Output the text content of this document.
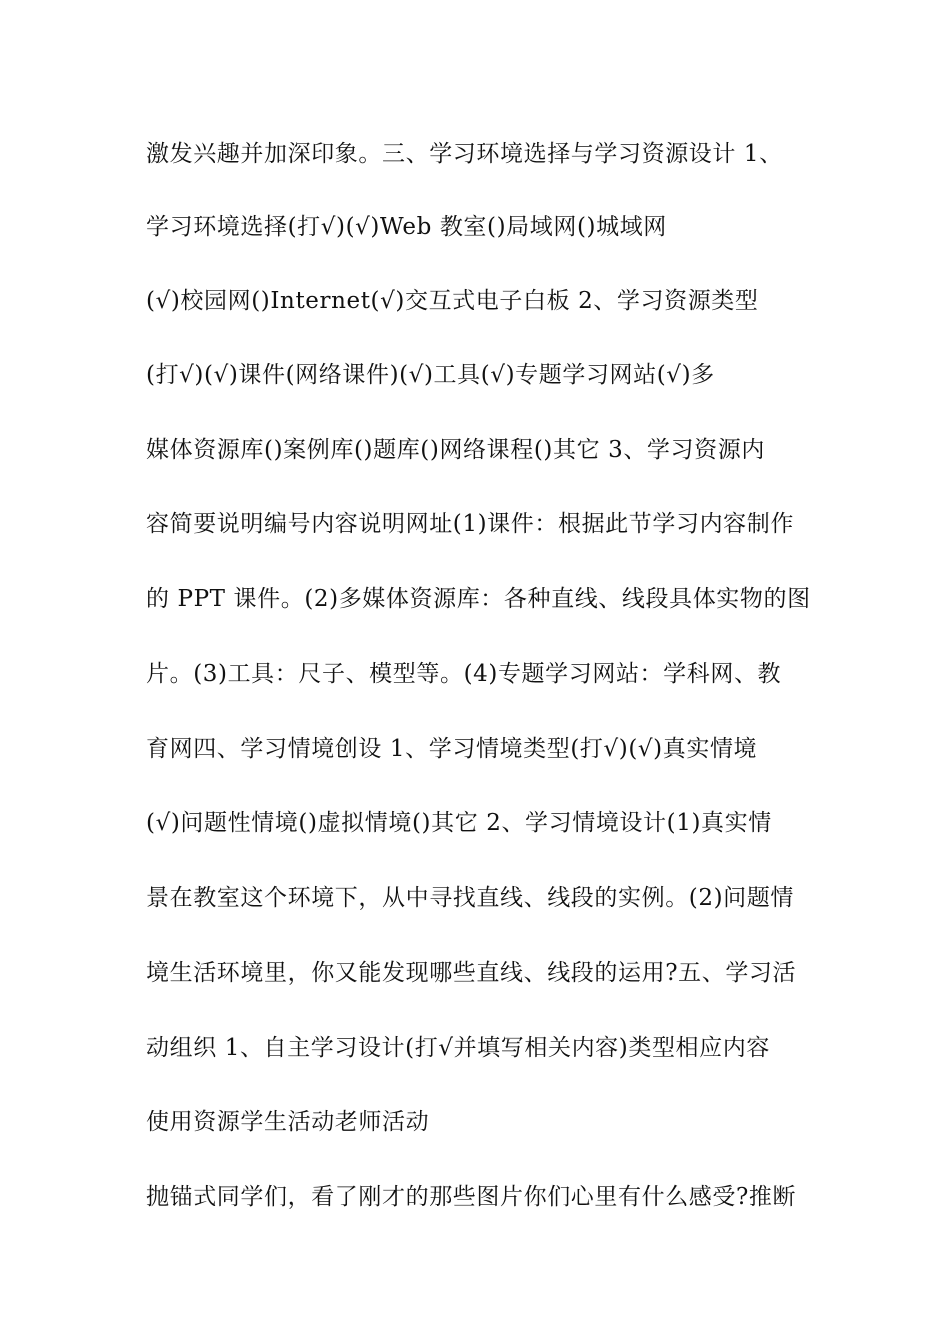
激发兴趣并加深印象。三、学习环境选择与学习资源设计 1、
学习环境选择(打√)(√)Web 教室()局域网()城域网
(√)校园网()Internet(√)交互式电子白板 2、学习资源类型
(打√)(√)课件(网络课件)(√)工具(√)专题学习网站(√)多
媒体资源库()案例库()题库()网络课程()其它 3、学习资源内
容简要说明编号内容说明网址(1)课件：根据此节学习内容制作
的 PPT 课件。(2)多媒体资源库：各种直线、线段具体实物的图
片。(3)工具：尺子、模型等。(4)专题学习网站：学科网、教
育网四、学习情境创设 1、学习情境类型(打√)(√)真实情境
(√)问题性情境()虚拟情境()其它 2、学习情境设计(1)真实情
景在教室这个环境下，从中寻找直线、线段的实例。(2)问题情
境生活环境里，你又能发现哪些直线、线段的运用?五、学习活
动组织 1、自主学习设计(打√并填写相关内容)类型相应内容
使用资源学生活动老师活动
抛锚式同学们，看了刚才的那些图片你们心里有什么感受?推断
